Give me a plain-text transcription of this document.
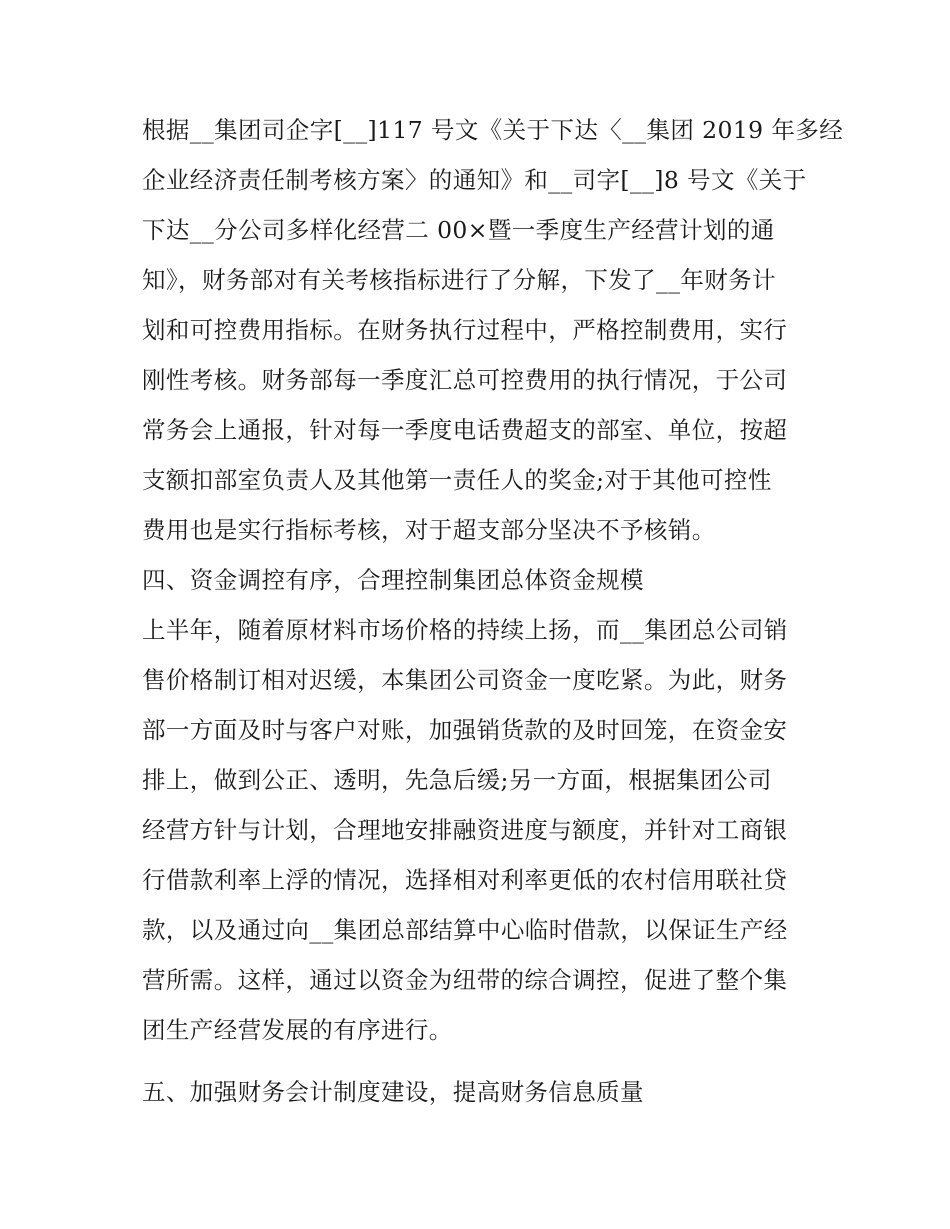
根据__集团司企字[__]117 号文《关于下达〈__集团 2019 年多经
企业经济责任制考核方案〉的通知》和__司字[__]8 号文《关于
下达__分公司多样化经营二 00×暨一季度生产经营计划的通
知》，财务部对有关考核指标进行了分解，下发了__年财务计
划和可控费用指标。在财务执行过程中，严格控制费用，实行
刚性考核。财务部每一季度汇总可控费用的执行情况，于公司
常务会上通报，针对每一季度电话费超支的部室、单位，按超
支额扣部室负责人及其他第一责任人的奖金;对于其他可控性
费用也是实行指标考核，对于超支部分坚决不予核销。
四、资金调控有序，合理控制集团总体资金规模
上半年，随着原材料市场价格的持续上扬，而__集团总公司销
售价格制订相对迟缓，本集团公司资金一度吃紧。为此，财务
部一方面及时与客户对账，加强销货款的及时回笼，在资金安
排上，做到公正、透明，先急后缓;另一方面，根据集团公司
经营方针与计划，合理地安排融资进度与额度，并针对工商银
行借款利率上浮的情况，选择相对利率更低的农村信用联社贷
款，以及通过向__集团总部结算中心临时借款，以保证生产经
营所需。这样，通过以资金为纽带的综合调控，促进了整个集
团生产经营发展的有序进行。
五、加强财务会计制度建设，提高财务信息质量
